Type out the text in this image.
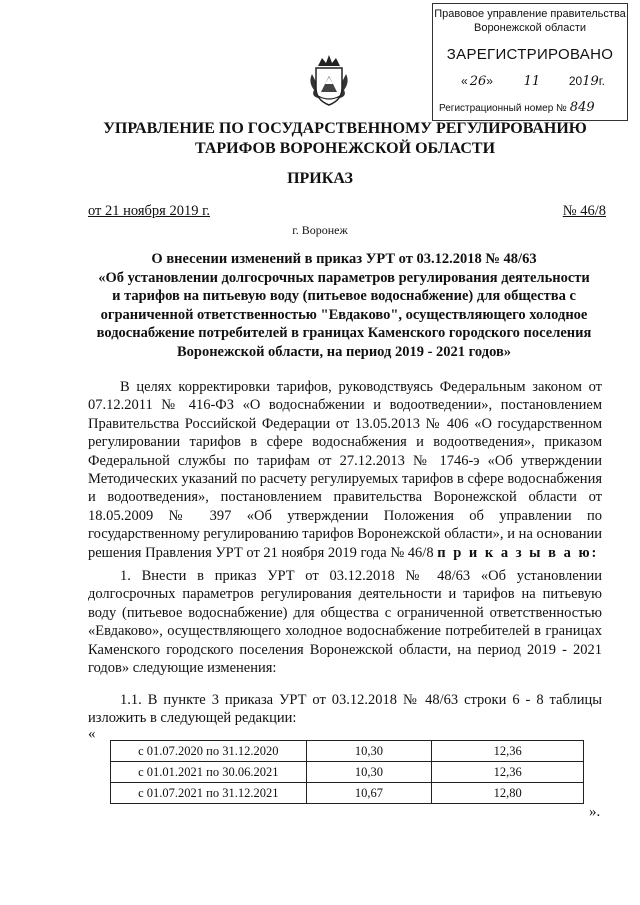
Правовое управление правительства
Воронежской области
ЗАРЕГИСТРИРОВАНО
« 26» 11 2019г.
Регистрационный номер № 849
УПРАВЛЕНИЕ ПО ГОСУДАРСТВЕННОМУ РЕГУЛИРОВАНИЮ
ТАРИФОВ ВОРОНЕЖСКОЙ ОБЛАСТИ
ПРИКАЗ
от 21 ноября 2019 г.	№ 46/8
г. Воронеж
О внесении изменений в приказ УРТ от 03.12.2018 № 48/63
«Об установлении долгосрочных параметров регулирования деятельности
и тарифов на питьевую воду (питьевое водоснабжение) для общества с
ограниченной ответственностью "Евдаково", осуществляющего холодное
водоснабжение потребителей в границах Каменского городского поселения
Воронежской области, на период 2019 - 2021 годов»
В целях корректировки тарифов, руководствуясь Федеральным законом от 07.12.2011 № 416-ФЗ «О водоснабжении и водоотведении», постановлением Правительства Российской Федерации от 13.05.2013 № 406 «О государственном регулировании тарифов в сфере водоснабжения и водоотведения», приказом Федеральной службы по тарифам от 27.12.2013 № 1746-э «Об утверждении Методических указаний по расчету регулируемых тарифов в сфере водоснабжения и водоотведения», постановлением правительства Воронежской области от 18.05.2009 № 397 «Об утверждении Положения об управлении по государственному регулированию тарифов Воронежской области», и на основании решения Правления УРТ от 21 ноября 2019 года № 46/8 п р и к а з ы в а ю:
1. Внести в приказ УРТ от 03.12.2018 № 48/63 «Об установлении долгосрочных параметров регулирования деятельности и тарифов на питьевую воду (питьевое водоснабжение) для общества с ограниченной ответственностью «Евдаково», осуществляющего холодное водоснабжение потребителей в границах Каменского городского поселения Воронежской области, на период 2019 - 2021 годов» следующие изменения:
1.1. В пункте 3 приказа УРТ от 03.12.2018 № 48/63 строки 6 - 8 таблицы изложить в следующей редакции:
«
с 01.07.2020 по 31.12.2020	10,30	12,36
с 01.01.2021 по 30.06.2021	10,30	12,36
с 01.07.2021 по 31.12.2021	10,67	12,80
».
